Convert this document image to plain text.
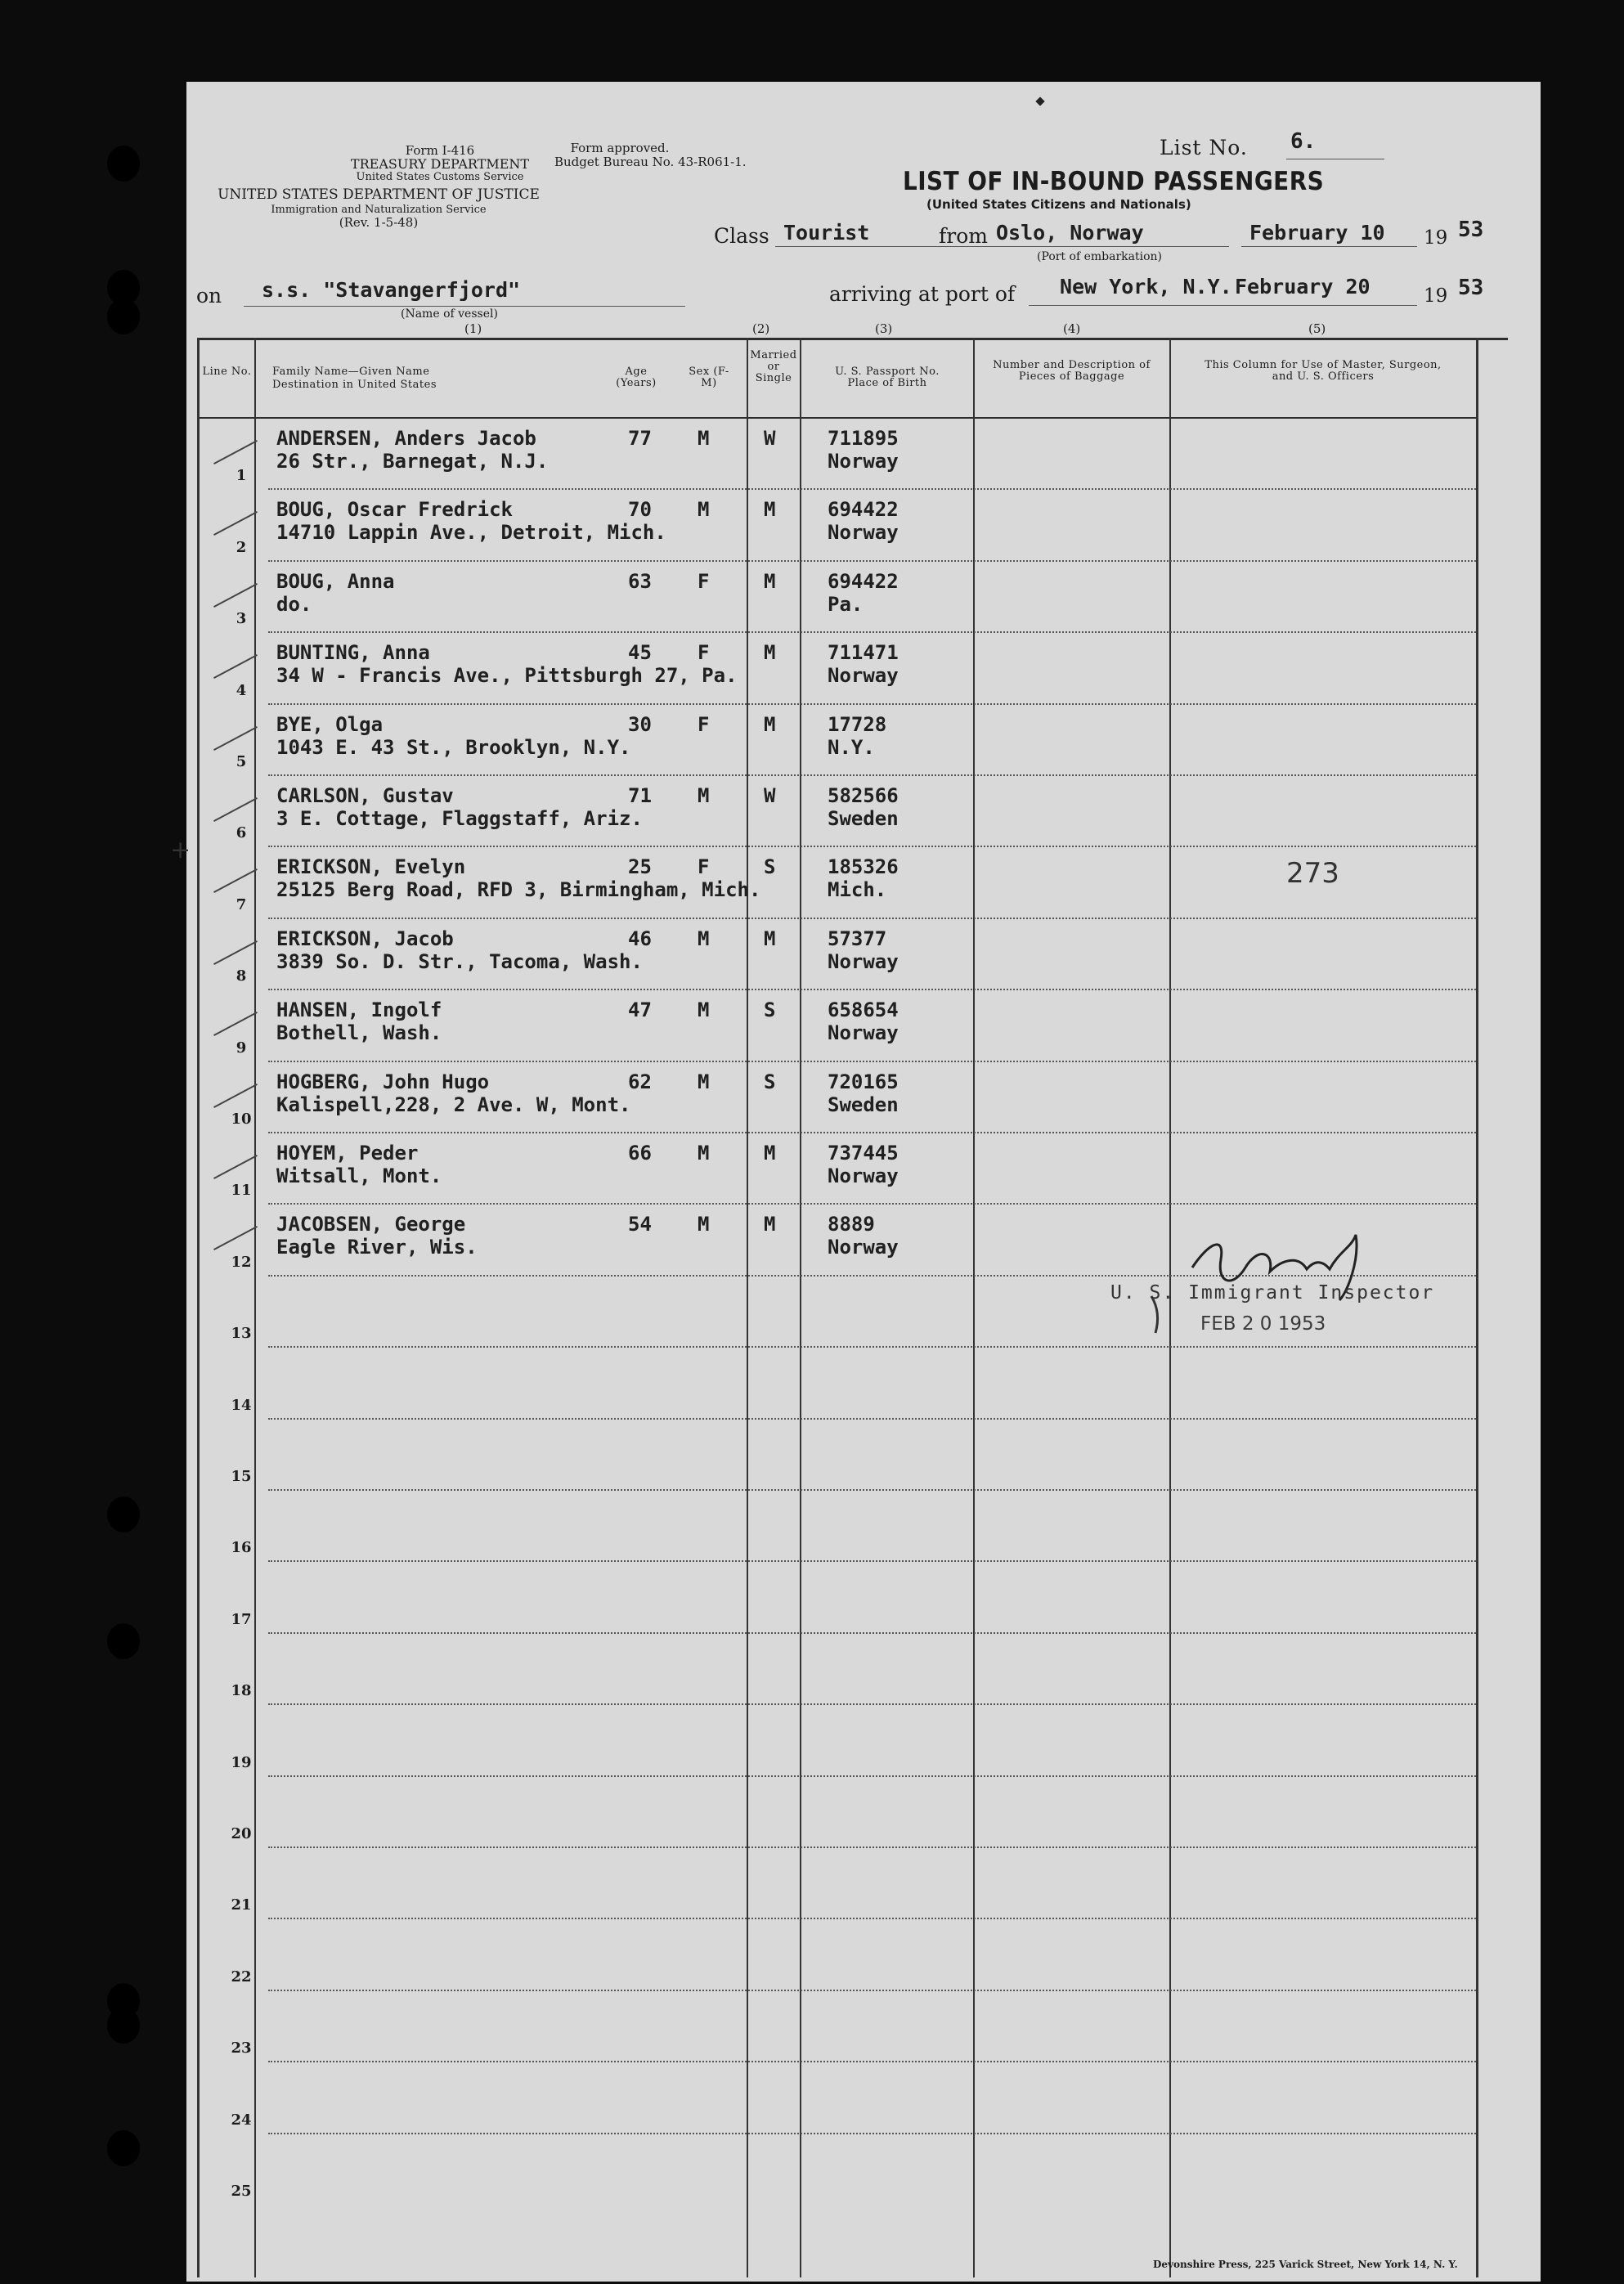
Form I-416
TREASURY DEPARTMENT
United States Customs Service
UNITED STATES DEPARTMENT OF JUSTICE
Immigration and Naturalization Service
(Rev. 1-5-48)
Form approved.
Budget Bureau No. 43-R061-1.
List No. 6.
LIST OF IN-BOUND PASSENGERS
(United States Citizens and Nationals)
Class Tourist	from Oslo, Norway
(Port of embarkation)
February 10 19 53
on s.s. "Stavangerfjord"
(Name of vessel)
arriving at port of New York, N.Y. February 20	19 53
(1)	(2)	(3)	(4)	(5)
Line No. Family Name—Given Name
Destination in United States
Age (Years)
Sex (F-M)
Married or Single
U. S. Passport No. Place of Birth
Number and Description of Pieces of Baggage
This Column for Use of Master, Surgeon, and U. S. Officers
1
ANDERSEN, Anders Jacob
26 Str., Barnegat, N.J.
77 M	W	711895
Norway
2
BOUG, Oscar Fredrick
14710 Lappin Ave., Detroit, Mich.
70 M	M	694422
Norway
3
BOUG, Anna
do.
63 F	M	694422
Pa.
4
BUNTING, Anna
34 W - Francis Ave., Pittsburgh 27, Pa.
45 F	M	711471
Norway
5
BYE, Olga
1043 E. 43 St., Brooklyn, N.Y.
30 F	M	17728
N.Y.
6
CARLSON, Gustav
3 E. Cottage, Flaggstaff, Ariz.
71 M	W	582566
Sweden
7
ERICKSON, Evelyn
25125 Berg Road, RFD 3, Birmingham, Mich.
25 F	S	185326
Mich.
8
ERICKSON, Jacob
3839 So. D. Str., Tacoma, Wash.
46 M	M	57377
Norway
9
HANSEN, Ingolf
Bothell, Wash.
47 M	S	658654
Norway
10
HOGBERG, John Hugo
Kalispell,228, 2 Ave. W, Mont.
62 M	S	720165
Sweden
11
HOYEM, Peder
Witsall, Mont.
66 M	M	737445
Norway
12
JACOBSEN, George
Eagle River, Wis.
54 M	M	8889
Norway
13
14
15
16
17
18
19
20
21
22
23
24
25
273
U. S. Immigrant Inspector
FEB 2 0 1953
Devonshire Press, 225 Varick Street, New York 14, N. Y.
+
